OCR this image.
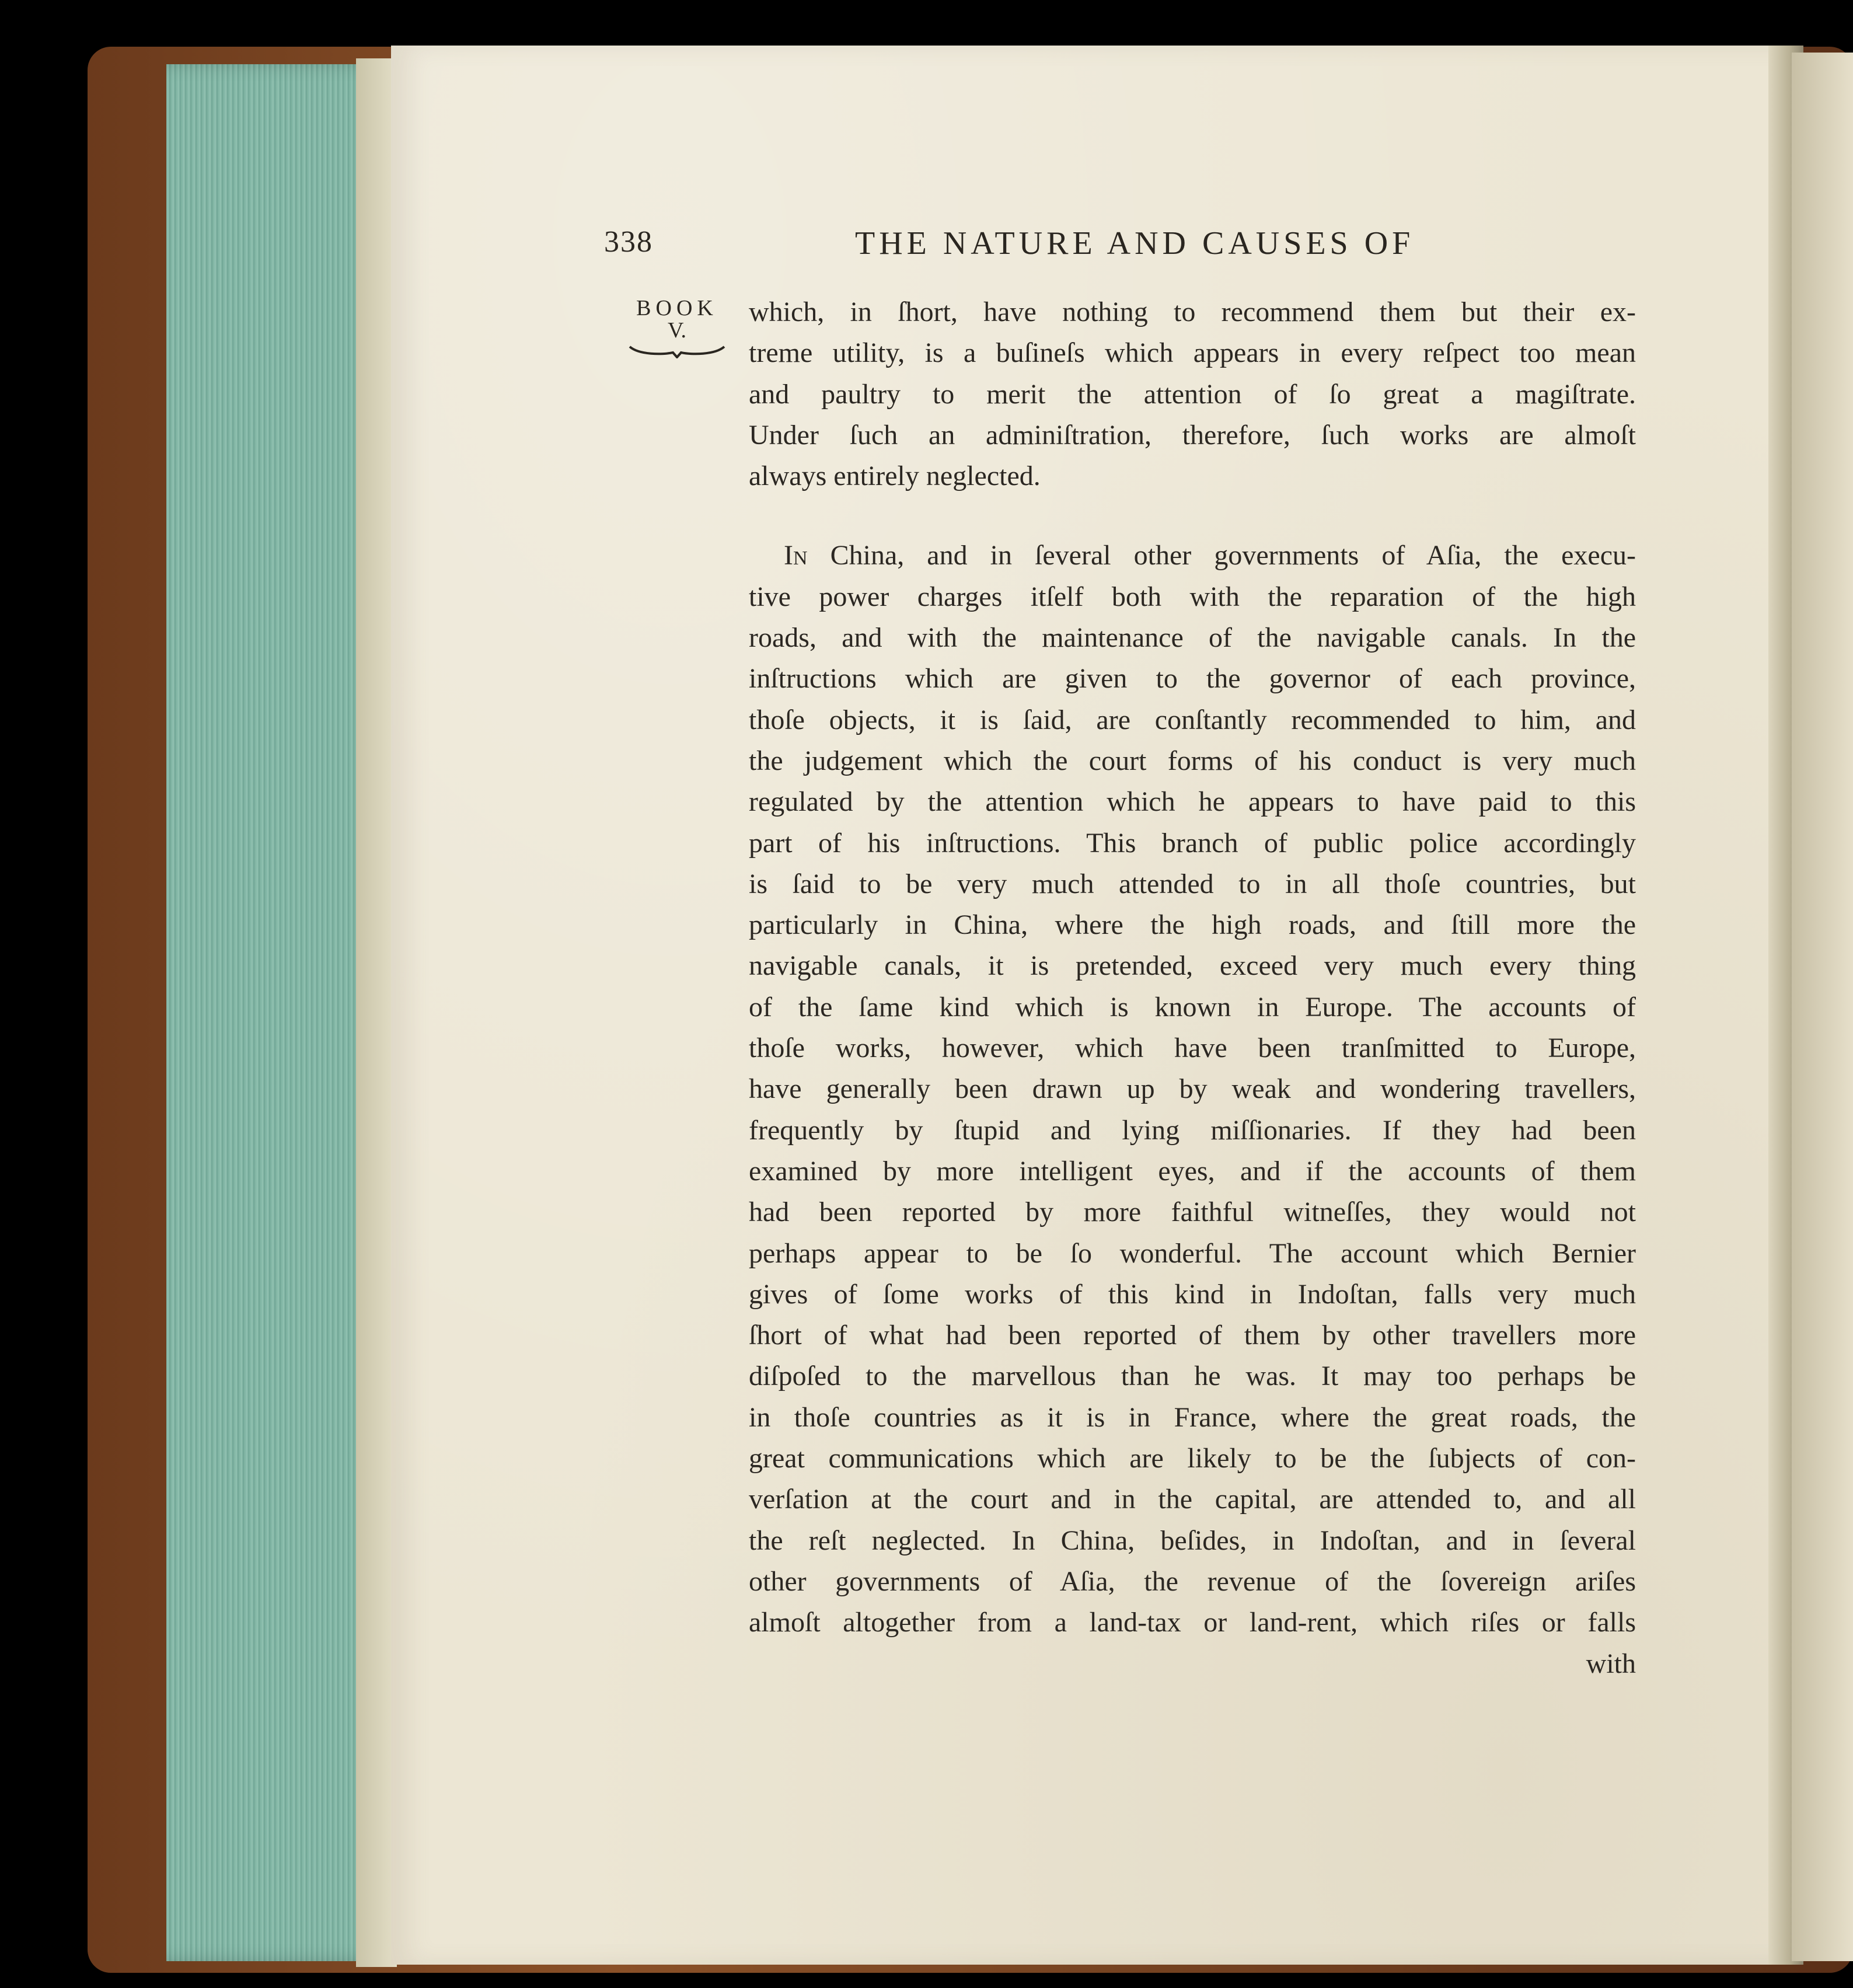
338	THE NATURE AND CAUSES OF
BOOK
V.
which, in ſhort, have nothing to recommend them but their ex-
treme utility, is a buſineſs which appears in every reſpect too mean
and paultry to merit the attention of ſo great a magiſtrate.
Under ſuch an adminiſtration, therefore, ſuch works are almoſt
always entirely neglected.
In China, and in ſeveral other governments of Aſia, the execu-
tive power charges itſelf both with the reparation of the high
roads, and with the maintenance of the navigable canals. In the
inſtructions which are given to the governor of each province,
thoſe objects, it is ſaid, are conſtantly recommended to him, and
the judgement which the court forms of his conduct is very much
regulated by the attention which he appears to have paid to this
part of his inſtructions. This branch of public police accordingly
is ſaid to be very much attended to in all thoſe countries, but
particularly in China, where the high roads, and ſtill more the
navigable canals, it is pretended, exceed very much every thing
of the ſame kind which is known in Europe. The accounts of
thoſe works, however, which have been tranſmitted to Europe,
have generally been drawn up by weak and wondering travellers,
frequently by ſtupid and lying miſſionaries. If they had been
examined by more intelligent eyes, and if the accounts of them
had been reported by more faithful witneſſes, they would not
perhaps appear to be ſo wonderful. The account which Bernier
gives of ſome works of this kind in Indoſtan, falls very much
ſhort of what had been reported of them by other travellers more
diſpoſed to the marvellous than he was. It may too perhaps be
in thoſe countries as it is in France, where the great roads, the
great communications which are likely to be the ſubjects of con-
verſation at the court and in the capital, are attended to, and all
the reſt neglected. In China, beſides, in Indoſtan, and in ſeveral
other governments of Aſia, the revenue of the ſovereign ariſes
almoſt altogether from a land-tax or land-rent, which riſes or falls
with
